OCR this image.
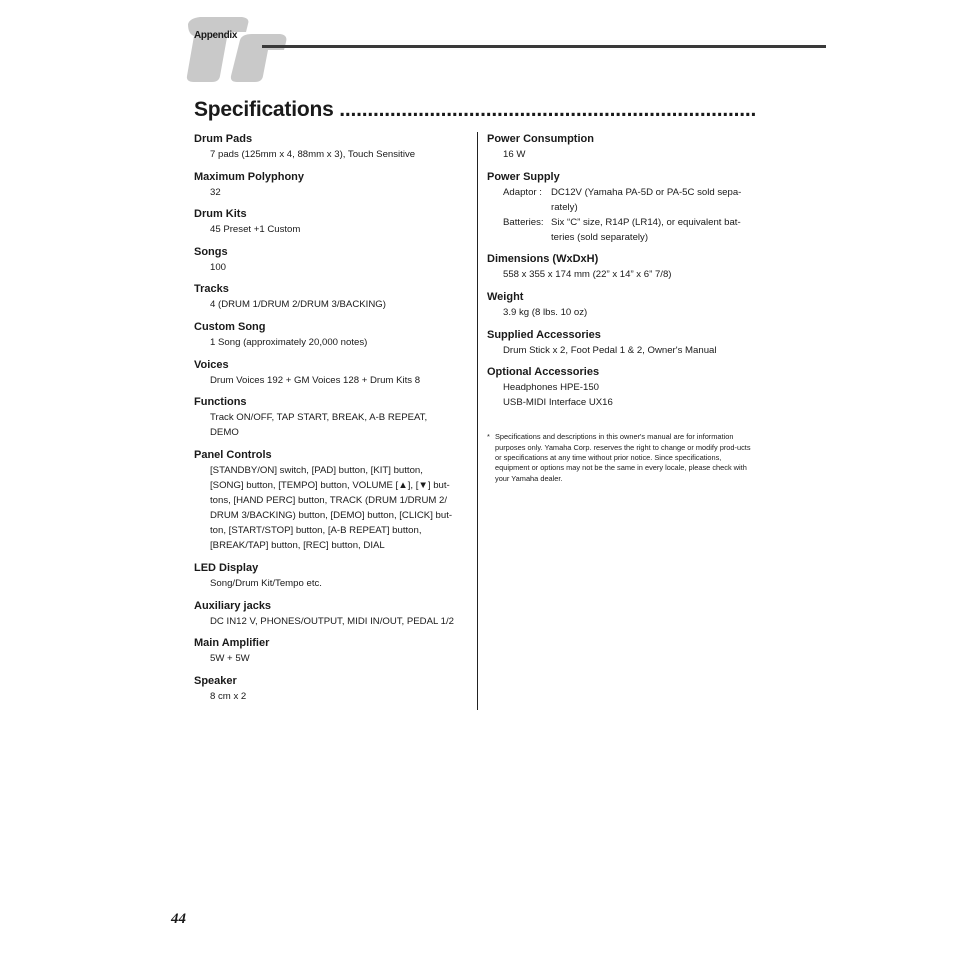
Appendix
Specifications ..........................................................................
Drum Pads
7 pads (125mm x 4, 88mm x 3), Touch Sensitive
Maximum Polyphony
32
Drum Kits
45 Preset +1 Custom
Songs
100
Tracks
4 (DRUM 1/DRUM 2/DRUM 3/BACKING)
Custom Song
1 Song (approximately 20,000 notes)
Voices
Drum Voices 192 + GM Voices 128 + Drum Kits 8
Functions
Track ON/OFF, TAP START, BREAK, A-B REPEAT,
DEMO
Panel Controls
[STANDBY/ON] switch, [PAD] button, [KIT] button,
[SONG] button, [TEMPO] button, VOLUME [▲], [▼] but-
tons, [HAND PERC] button, TRACK (DRUM 1/DRUM 2/
DRUM 3/BACKING) button, [DEMO] button, [CLICK] but-
ton, [START/STOP] button, [A-B REPEAT] button,
[BREAK/TAP] button, [REC] button, DIAL
LED Display
Song/Drum Kit/Tempo etc.
Auxiliary jacks
DC IN12 V, PHONES/OUTPUT, MIDI IN/OUT, PEDAL 1/2
Main Amplifier
5W + 5W
Speaker
8 cm x 2
Power Consumption
16 W
Power Supply
Adaptor : DC12V (Yamaha PA-5D or PA-5C sold sepa-rately)
Batteries: Six “C” size, R14P (LR14), or equivalent bat-teries (sold separately)
Dimensions (WxDxH)
558 x 355 x 174 mm (22” x 14” x 6” 7/8)
Weight
3.9 kg (8 lbs. 10 oz)
Supplied Accessories
Drum Stick x 2, Foot Pedal 1 & 2, Owner's Manual
Optional Accessories
Headphones HPE-150
USB-MIDI Interface UX16
* Specifications and descriptions in this owner's manual are for information purposes only. Yamaha Corp. reserves the right to change or modify prod-ucts or specifications at any time without prior notice. Since specifications, equipment or options may not be the same in every locale, please check with your Yamaha dealer.
44
